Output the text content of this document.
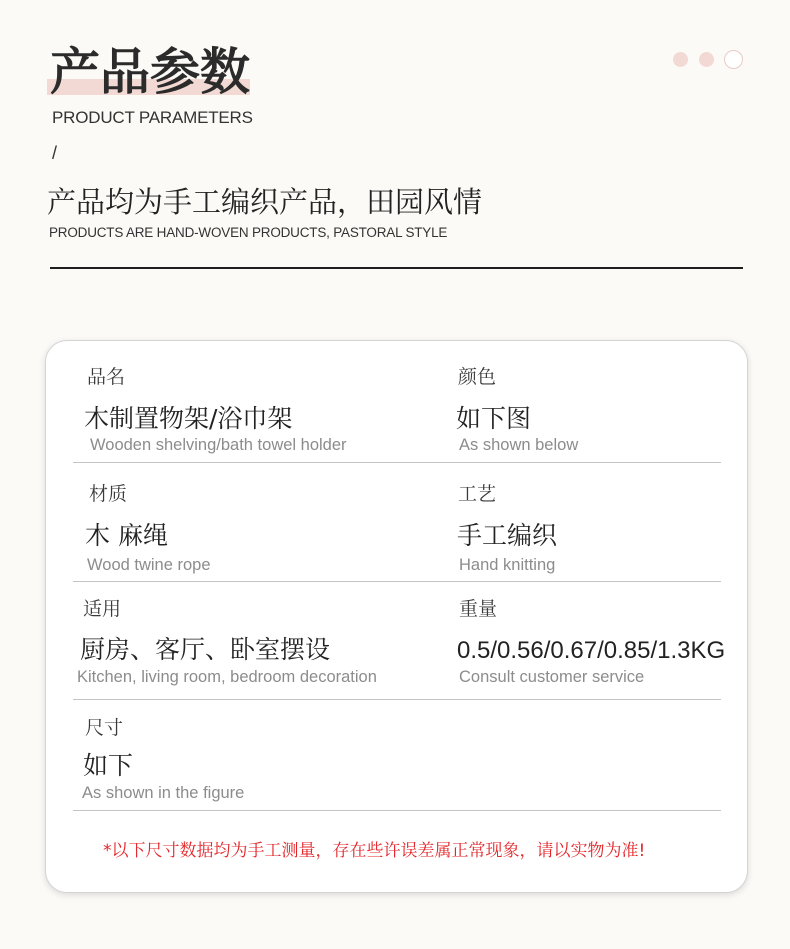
产品参数
PRODUCT PARAMETERS
/
产品均为手工编织产品，田园风情
PRODUCTS ARE HAND-WOVEN PRODUCTS, PASTORAL STYLE
品名
木制置物架/浴巾架
Wooden shelving/bath towel holder
颜色
如下图
As shown below
材质
木 麻绳
Wood twine rope
工艺
手工编织
Hand knitting
适用
厨房、客厅、卧室摆设
Kitchen, living room, bedroom decoration
重量
0.5/0.56/0.67/0.85/1.3KG
Consult customer service
尺寸
如下
As shown in the figure
*以下尺寸数据均为手工测量，存在些许误差属正常现象，请以实物为准!
